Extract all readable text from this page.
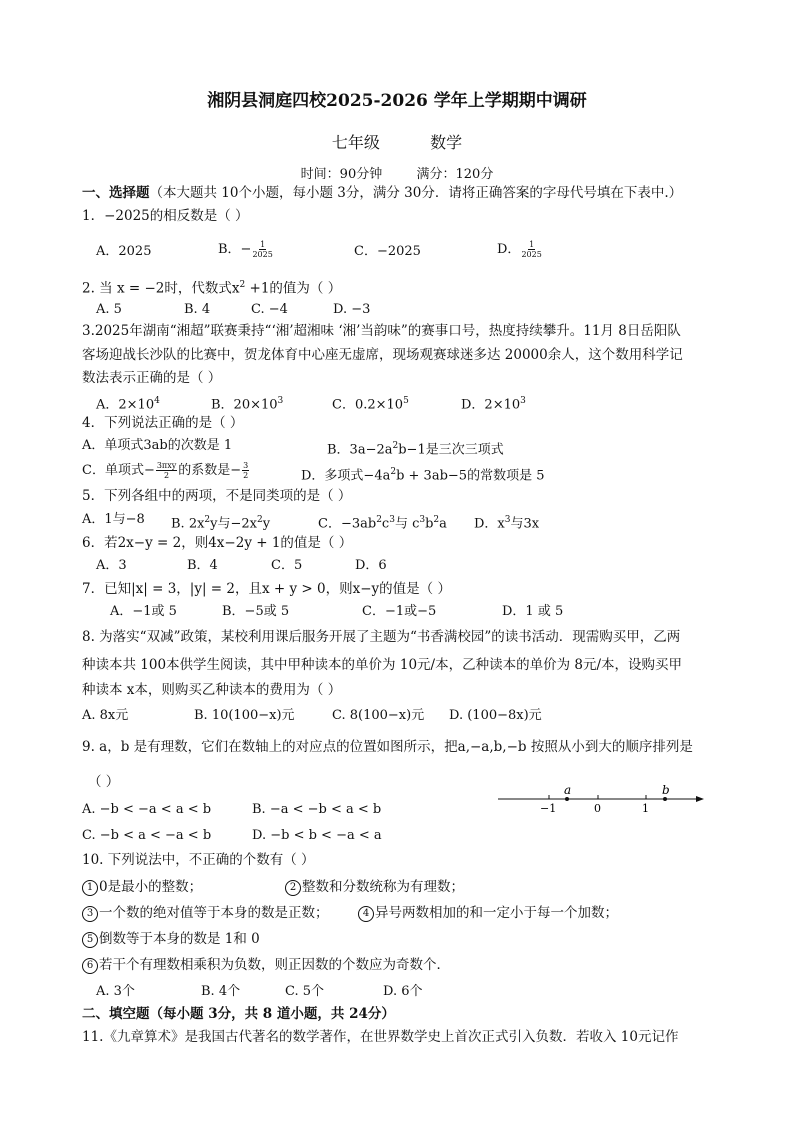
湘阴县洞庭四校2025-2026 学年上学期期中调研
七年级	数学
时间：90分钟	满分：120分
一、选择题（本大题共 10个小题，每小题 3分，满分 30分．请将正确答案的字母代号填在下表中.）
1．−2025的相反数是（ ）
A．2025	B．− $\frac{1}{2025}$	C．−2025	D． $\frac{1}{2025}$
2. 当 x = −2时，代数式$x^2 +1$的值为（ ）
A. 5	B. 4	C. −4	D. −3
3.2025年湖南“湘超”联赛秉持“‘湘’超湘味 ‘湘’当韵味”的赛事口号，热度持续攀升。11月 8日岳阳队
客场迎战长沙队的比赛中，贺龙体育中心座无虚席，现场观赛球迷多达 20000余人，这个数用科学记
数法表示正确的是（ ）
A．$2\times 10^4$	B．$20\times 10^3$	C．$0.2\times 10^5$	D．$2\times 10^3$
4．下列说法正确的是（ ）
A．单项式3ab的次数是 1	B．$3a-2a^2b-1$是三次三项式
C．单项式− $\frac{\text{3πxy}}{2}$ 的系数是− $\frac{3}{2}$	D．多项式$-4a^2b + 3ab-5$的常数项是 5
5．下列各组中的两项，不是同类项的是（ ）
A．1与−8 B. $2x^2y$与$-2x^2y$	C．$-3ab^2c^3$与 $c^3b^2a$ D．$x^3$与3x
6．若2x−y = 2，则4x−2y + 1的值是（ ）
A．3	B．4	C．5	D．6
7．已知|x| = 3，|y| = 2，且x + y > 0，则x−y的值是（ ）
A．−1或 5	B．−5或 5	C．−1或−5	D．1 或 5
8. 为落实“双减”政策，某校利用课后服务开展了主题为“书香满校园”的读书活动．现需购买甲，乙两
种读本共 100本供学生阅读，其中甲种读本的单价为 10元/本，乙种读本的单价为 8元/本，设购买甲
种读本 x本，则购买乙种读本的费用为（ ）
A. 8x元	B. 10(100−x)元	C. 8(100−x)元 D. (100−8x)元
9. a，b 是有理数，它们在数轴上的对应点的位置如图所示，把a,−a,b,−b 按照从小到大的顺序排列是
（ ）
A. −b < −a < a < b	B. −a < −b < a < b
C. −b < a < −a < b	D. −b < b < −a < a
a	b
−1	0	1
10. 下列说法中，不正确的个数有（ ）
1 0是最小的整数；	2 整数和分数统称为有理数；
3 一个数的绝对值等于本身的数是正数；	4 异号两数相加的和一定小于每一个加数；
5 倒数等于本身的数是 1和 0
6 若干个有理数相乘积为负数，则正因数的个数应为奇数个．
A. 3个	B. 4个	C. 5个	D. 6个
二、填空题（每小题 3分，共 8 道小题，共 24分）
11.《九章算术》是我国古代著名的数学著作，在世界数学史上首次正式引入负数．若收入 10元记作
